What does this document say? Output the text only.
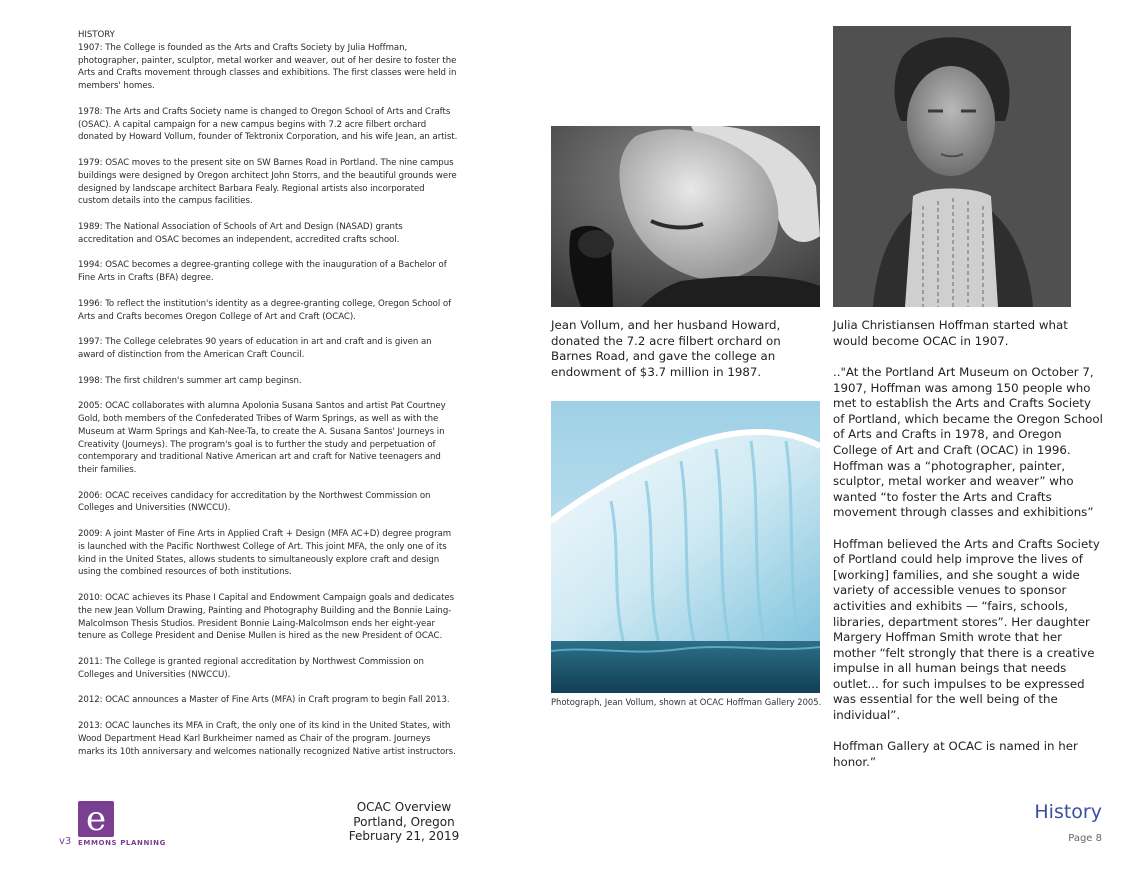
HISTORY

1907: The College is founded as the Arts and Crafts Society by Julia Hoffman, photographer, painter, sculptor, metal worker and weaver, out of her desire to foster the Arts and Crafts movement through classes and exhibitions. The first classes were held in members' homes.

1978: The Arts and Crafts Society name is changed to Oregon School of Arts and Crafts (OSAC). A capital campaign for a new campus begins with 7.2 acre filbert orchard donated by Howard Vollum, founder of Tektronix Corporation, and his wife Jean, an artist.

1979: OSAC moves to the present site on SW Barnes Road in Portland. The nine campus buildings were designed by Oregon architect John Storrs, and the beautiful grounds were designed by landscape architect Barbara Fealy. Regional artists also incorporated custom details into the campus facilities.

1989: The National Association of Schools of Art and Design (NASAD) grants accreditation and OSAC becomes an independent, accredited crafts school.

1994: OSAC becomes a degree-granting college with the inauguration of a Bachelor of Fine Arts in Crafts (BFA) degree.

1996: To reflect the institution's identity as a degree-granting college, Oregon School of Arts and Crafts becomes Oregon College of Art and Craft (OCAC).

1997: The College celebrates 90 years of education in art and craft and is given an award of distinction from the American Craft Council.

1998: The first children's summer art camp beginsn.

2005: OCAC collaborates with alumna Apolonia Susana Santos and artist Pat Courtney Gold, both members of the Confederated Tribes of Warm Springs, as well as with the Museum at Warm Springs and Kah-Nee-Ta, to create the A. Susana Santos' Journeys in Creativity (Journeys). The program's goal is to further the study and perpetuation of contemporary and traditional Native American art and craft for Native teenagers and their families.

2006: OCAC receives candidacy for accreditation by the Northwest Commission on Colleges and Universities (NWCCU).

2009: A joint Master of Fine Arts in Applied Craft + Design (MFA AC+D) degree program is launched with the Pacific Northwest College of Art. This joint MFA, the only one of its kind in the United States, allows students to simultaneously explore craft and design using the combined resources of both institutions.

2010: OCAC achieves its Phase I Capital and Endowment Campaign goals and dedicates the new Jean Vollum Drawing, Painting and Photography Building and the Bonnie Laing-Malcolmson Thesis Studios. President Bonnie Laing-Malcolmson ends her eight-year tenure as College President and Denise Mullen is hired as the new President of OCAC.

2011: The College is granted regional accreditation by Northwest Commission on Colleges and Universities (NWCCU).

2012: OCAC announces a Master of Fine Arts (MFA) in Craft program to begin Fall 2013.

2013: OCAC launches its MFA in Craft, the only one of its kind in the United States, with Wood Department Head Karl Burkheimer named as Chair of the program. Journeys marks its 10th anniversary and welcomes nationally recognized Native artist instructors.

Jean Vollum, and her husband Howard, donated the 7.2 acre filbert orchard on Barnes Road, and gave the college an endowment of $3.7 million in 1987.
Julia Christiansen Hoffman started what would become OCAC in 1907.
Photograph, Jean Vollum, shown at OCAC Hoffman Gallery 2005.

.."At the Portland Art Museum on October 7, 1907, Hoffman was among 150 people who met to establish the Arts and Crafts Society of Portland, which became the Oregon School of Arts and Crafts in 1978, and Oregon College of Art and Craft (OCAC) in 1996. Hoffman was a “photographer, painter, sculptor, metal worker and weaver” who wanted “to foster the Arts and Crafts movement through classes and exhibitions”

Hoffman believed the Arts and Crafts Society of Portland could help improve the lives of [working] families, and she sought a wide variety of accessible venues to sponsor activities and exhibits — “fairs, schools, libraries, department stores”. Her daughter Margery Hoffman Smith wrote that her mother “felt strongly that there is a creative impulse in all human beings that needs outlet... for such impulses to be expressed was essential for the well being of the individual”.

Hoffman Gallery at OCAC is named in her honor.”

v3
e
EMMONS PLANNING
OCAC Overview
Portland, Oregon
February 21, 2019
History
Page 8
